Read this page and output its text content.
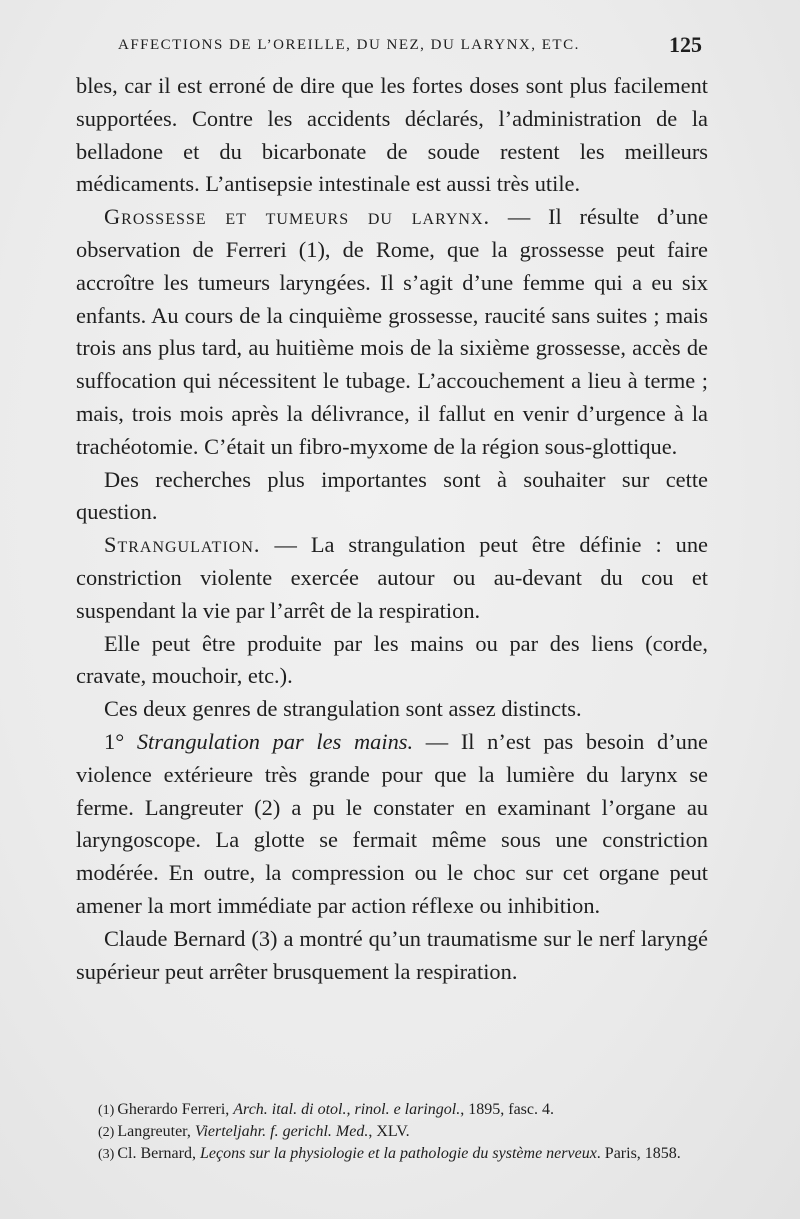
AFFECTIONS DE L’OREILLE, DU NEZ, DU LARYNX, ETC.	125

bles, car il est erroné de dire que les fortes doses sont plus facilement supportées. Contre les accidents déclarés, l’administration de la belladone et du bicarbonate de soude restent les meilleurs médicaments. L’antisepsie intestinale est aussi très utile.

Grossesse et tumeurs du larynx. — Il résulte d’une observation de Ferreri (1), de Rome, que la grossesse peut faire accroître les tumeurs laryngées. Il s’agit d’une femme qui a eu six enfants. Au cours de la cinquième grossesse, raucité sans suites ; mais trois ans plus tard, au huitième mois de la sixième grossesse, accès de suffocation qui nécessitent le tubage. L’accouchement a lieu à terme ; mais, trois mois après la délivrance, il fallut en venir d’urgence à la trachéotomie. C’était un fibro-myxome de la région sous-glottique.

Des recherches plus importantes sont à souhaiter sur cette question.

Strangulation. — La strangulation peut être définie : une constriction violente exercée autour ou au-devant du cou et suspendant la vie par l’arrêt de la respiration.

Elle peut être produite par les mains ou par des liens (corde, cravate, mouchoir, etc.).

Ces deux genres de strangulation sont assez distincts.

1° Strangulation par les mains. — Il n’est pas besoin d’une violence extérieure très grande pour que la lumière du larynx se ferme. Langreuter (2) a pu le constater en examinant l’organe au laryngoscope. La glotte se fermait même sous une constriction modérée. En outre, la compression ou le choc sur cet organe peut amener la mort immédiate par action réflexe ou inhibition.

Claude Bernard (3) a montré qu’un traumatisme sur le nerf laryngé supérieur peut arrêter brusquement la respiration.

(1) Gherardo Ferreri, Arch. ital. di otol., rinol. e laringol., 1895, fasc. 4.

(2) Langreuter, Vierteljahr. f. gerichl. Med., XLV.

(3) Cl. Bernard, Leçons sur la physiologie et la pathologie du système nerveux. Paris, 1858.
